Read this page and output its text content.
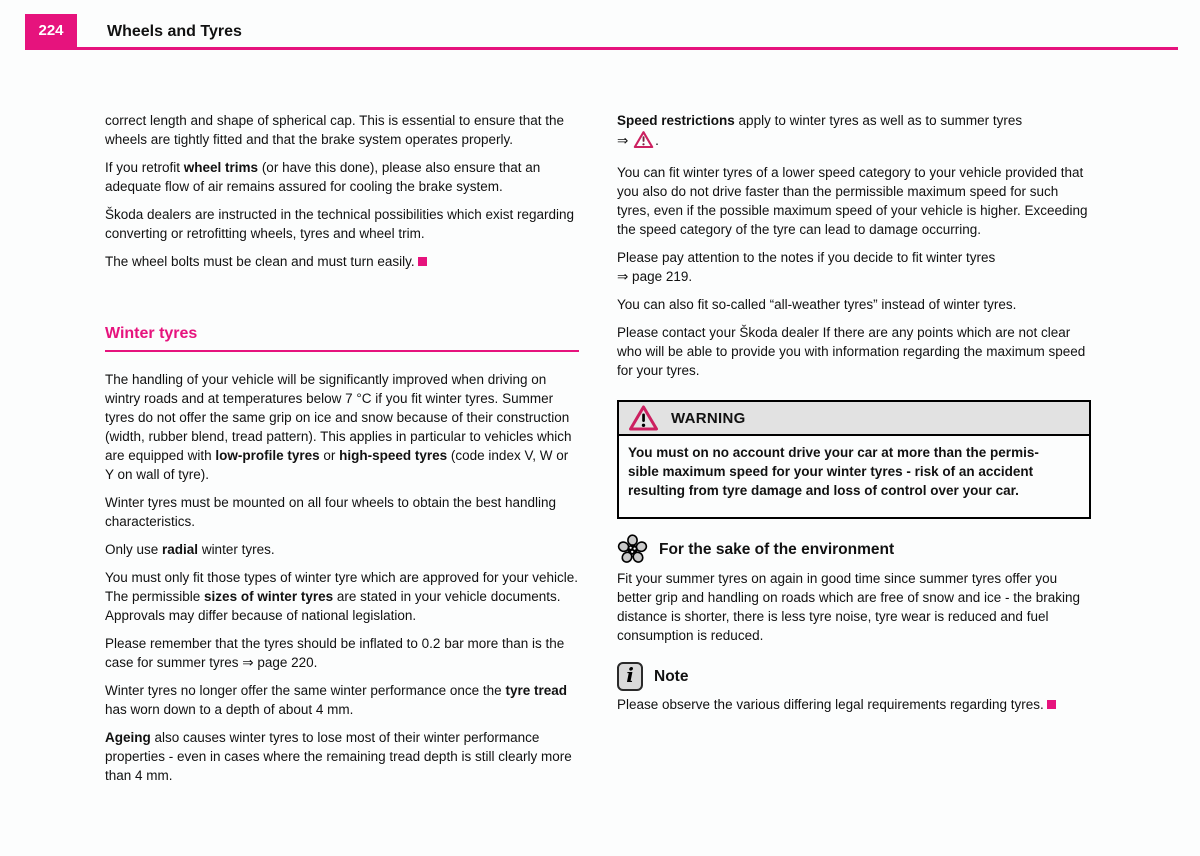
224	Wheels and Tyres

correct length and shape of spherical cap. This is essential to ensure that the wheels are tightly fitted and that the brake system operates properly.

If you retrofit wheel trims (or have this done), please also ensure that an adequate flow of air remains assured for cooling the brake system.

Škoda dealers are instructed in the technical possibilities which exist regarding converting or retrofitting wheels, tyres and wheel trim.

The wheel bolts must be clean and must turn easily.

Winter tyres

The handling of your vehicle will be significantly improved when driving on wintry roads and at temperatures below 7 °C if you fit winter tyres. Summer tyres do not offer the same grip on ice and snow because of their construction (width, rubber blend, tread pattern). This applies in particular to vehicles which are equipped with low-profile tyres or high-speed tyres (code index V, W or Y on wall of tyre).

Winter tyres must be mounted on all four wheels to obtain the best handling characteristics.

Only use radial winter tyres.

You must only fit those types of winter tyre which are approved for your vehicle. The permissible sizes of winter tyres are stated in your vehicle documents. Approvals may differ because of national legislation.

Please remember that the tyres should be inflated to 0.2 bar more than is the case for summer tyres ⇒ page 220.

Winter tyres no longer offer the same winter performance once the tyre tread has worn down to a depth of about 4 mm.

Ageing also causes winter tyres to lose most of their winter performance properties - even in cases where the remaining tread depth is still clearly more than 4 mm.

Speed restrictions apply to winter tyres as well as to summer tyres
⇒ .

You can fit winter tyres of a lower speed category to your vehicle provided that you also do not drive faster than the permissible maximum speed for such tyres, even if the possible maximum speed of your vehicle is higher. Exceeding the speed category of the tyre can lead to damage occurring.

Please pay attention to the notes if you decide to fit winter tyres
⇒ page 219.

You can also fit so-called “all-weather tyres” instead of winter tyres.

Please contact your Škoda dealer If there are any points which are not clear who will be able to provide you with information regarding the maximum speed for your tyres.

WARNING

You must on no account drive your car at more than the permis-
sible maximum speed for your winter tyres - risk of an accident resulting from tyre damage and loss of control over your car.

For the sake of the environment

Fit your summer tyres on again in good time since summer tyres offer you better grip and handling on roads which are free of snow and ice - the braking distance is shorter, there is less tyre noise, tyre wear is reduced and fuel consumption is reduced.

i	Note

Please observe the various differing legal requirements regarding tyres.
